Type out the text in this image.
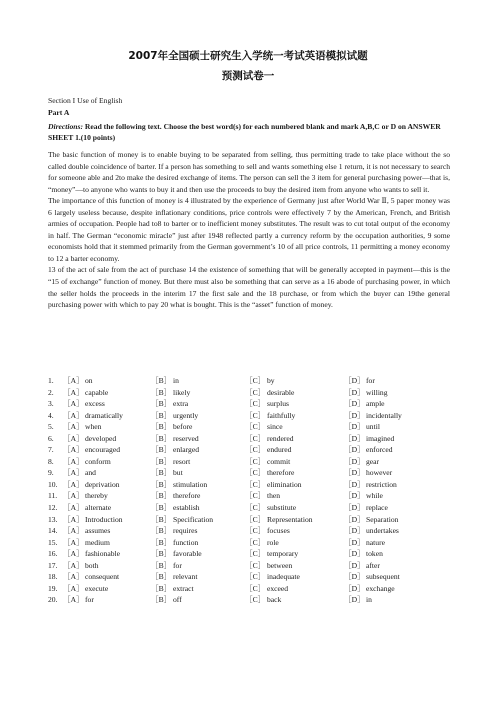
2007年全国硕士研究生入学统一考试英语模拟试题
预测试卷一
Section I Use of English
Part A
Directions: Read the following text. Choose the best word(s) for each numbered blank and mark A,B,C or D on ANSWER SHEET 1.(10 points)

The basic function of money is to enable buying to be separated from selling, thus permitting trade to take place without the so called double coincidence of barter. If a person has something to sell and wants something else 1 return, it is not necessary to search for someone able and 2to make the desired exchange of items. The person can sell the 3 item for general purchasing power—that is, “money”—to anyone who wants to buy it and then use the proceeds to buy the desired item from anyone who wants to sell it.

The importance of this function of money is 4 illustrated by the experience of Germany just after World War Ⅱ, 5 paper money was 6 largely useless because, despite inflationary conditions, price controls were effectively 7 by the American, French, and British armies of occupation. People had to8 to barter or to inefficient money substitutes. The result was to cut total output of the economy in half. The German “economic miracle” just after 1948 reflected partly a currency reform by the occupation authorities, 9 some economists hold that it stemmed primarily from the German government’s 10 of all price controls, 11 permitting a money economy to 12 a barter economy.

13 of the act of sale from the act of purchase 14 the existence of something that will be generally accepted in payment—this is the “15 of exchange” function of money. But there must also be something that can serve as a 16 abode of purchasing power, in which the seller holds the proceeds in the interim 17 the first sale and the 18 purchase, or from which the buyer can 19the general purchasing power with which to pay 20 what is bought. This is the “asset” function of money.

1.	［A］on	［B］ in	［C］ by	［D］for
2.	［A］capable	［B］ likely	［C］ desirable	［D］willing
3.	［A］excess	［B］ extra	［C］ surplus	［D］ample
4.	［A］dramatically	［B］ urgently	［C］ faithfully	［D］incidentally
5.	［A］when	［B］ before	［C］ since	［D］until
6.	［A］developed	［B］ reserved	［C］ rendered	［D］imagined
7.	［A］encouraged	［B］ enlarged	［C］ endured	［D］enforced
8.	［A］conform	［B］ resort	［C］ commit	［D］gear
9.	［A］and	［B］ but	［C］ therefore	［D］however
10. ［A］deprivation	［B］ stimulation	［C］ elimination	［D］restriction
11. ［A］thereby	［B］ therefore	［C］ then	［D］while
12. ［A］alternate	［B］ establish	［C］ substitute	［D］replace
13. ［A］Introduction	［B］ Specification	［C］ Representation	［D］Separation
14. ［A］assumes	［B］ requires	［C］ focuses	［D］undertakes
15. ［A］medium	［B］ function	［C］ role	［D］nature
16. ［A］fashionable	［B］ favorable	［C］ temporary	［D］token
17. ［A］both	［B］ for	［C］ between	［D］after
18. ［A］consequent	［B］ relevant	［C］ inadequate	［D］subsequent
19. ［A］execute	［B］ extract	［C］ exceed	［D］exchange
20. ［A］for	［B］ off	［C］ back	［D］in
